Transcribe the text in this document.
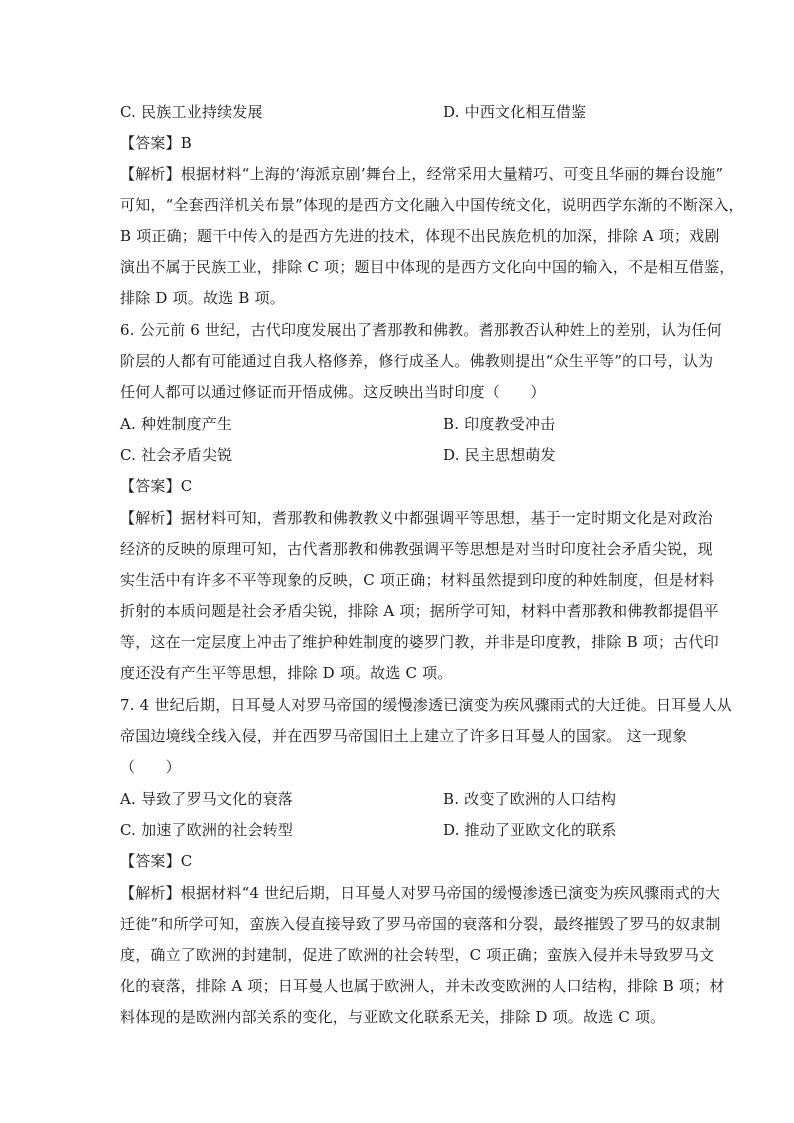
C. 民族工业持续发展	D. 中西文化相互借鉴
【答案】B
【解析】根据材料“上海的‘海派京剧’舞台上，经常采用大量精巧、可变且华丽的舞台设施”
可知，“全套西洋机关布景”体现的是西方文化融入中国传统文化，说明西学东渐的不断深入，
B 项正确；题干中传入的是西方先进的技术，体现不出民族危机的加深，排除 A 项；戏剧
演出不属于民族工业，排除 C 项；题目中体现的是西方文化向中国的输入，不是相互借鉴，
排除 D 项。故选 B 项。
6. 公元前 6 世纪，古代印度发展出了耆那教和佛教。耆那教否认种姓上的差别，认为任何
阶层的人都有可能通过自我人格修养，修行成圣人。佛教则提出“众生平等”的口号，认为
任何人都可以通过修证而开悟成佛。这反映出当时印度（　　）
A. 种姓制度产生	B. 印度教受冲击
C. 社会矛盾尖锐	D. 民主思想萌发
【答案】C
【解析】据材料可知，耆那教和佛教教义中都强调平等思想，基于一定时期文化是对政治
经济的反映的原理可知，古代耆那教和佛教强调平等思想是对当时印度社会矛盾尖锐，现
实生活中有许多不平等现象的反映，C 项正确；材料虽然提到印度的种姓制度，但是材料
折射的本质问题是社会矛盾尖锐，排除 A 项；据所学可知，材料中耆那教和佛教都提倡平
等，这在一定层度上冲击了维护种姓制度的婆罗门教，并非是印度教，排除 B 项；古代印
度还没有产生平等思想，排除 D 项。故选 C 项。
7. 4 世纪后期，日耳曼人对罗马帝国的缓慢渗透已演变为疾风骤雨式的大迁徙。日耳曼人从
帝国边境线全线入侵，并在西罗马帝国旧土上建立了许多日耳曼人的国家。 这一现象
（　　）
A. 导致了罗马文化的衰落	B. 改变了欧洲的人口结构
C. 加速了欧洲的社会转型	D. 推动了亚欧文化的联系
【答案】C
【解析】根据材料“4 世纪后期，日耳曼人对罗马帝国的缓慢渗透已演变为疾风骤雨式的大
迁徙”和所学可知，蛮族入侵直接导致了罗马帝国的衰落和分裂，最终摧毁了罗马的奴隶制
度，确立了欧洲的封建制，促进了欧洲的社会转型，C 项正确；蛮族入侵并未导致罗马文
化的衰落，排除 A 项；日耳曼人也属于欧洲人，并未改变欧洲的人口结构，排除 B 项；材
料体现的是欧洲内部关系的变化，与亚欧文化联系无关，排除 D 项。故选 C 项。
